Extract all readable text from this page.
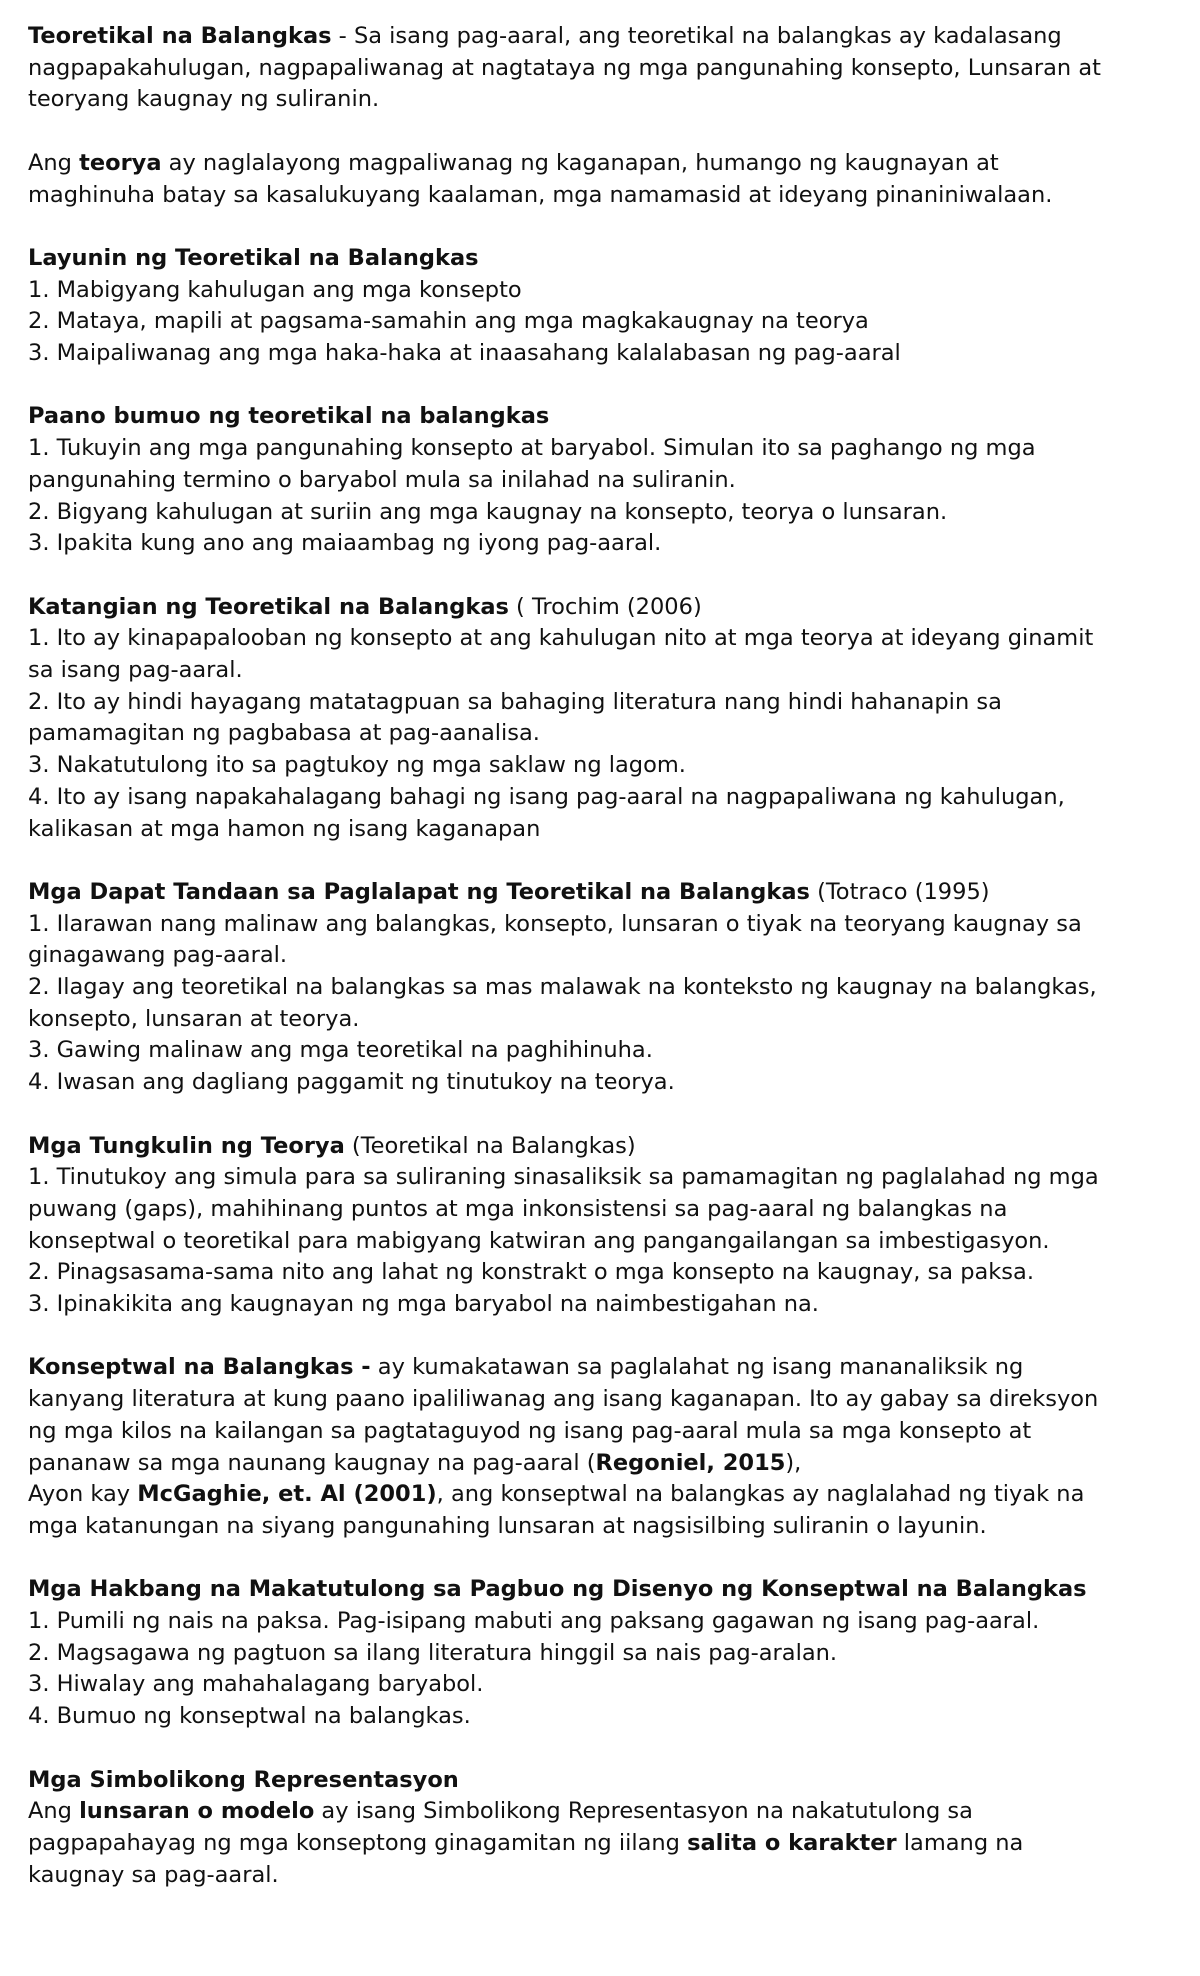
Teoretikal na Balangkas - Sa isang pag-aaral, ang teoretikal na balangkas ay kadalasang
nagpapakahulugan, nagpapaliwanag at nagtataya ng mga pangunahing konsepto, Lunsaran at
teoryang kaugnay ng suliranin.
Ang teorya ay naglalayong magpaliwanag ng kaganapan, humango ng kaugnayan at
maghinuha batay sa kasalukuyang kaalaman, mga namamasid at ideyang pinaniniwalaan.
Layunin ng Teoretikal na Balangkas
1. Mabigyang kahulugan ang mga konsepto
2. Mataya, mapili at pagsama-samahin ang mga magkakaugnay na teorya
3. Maipaliwanag ang mga haka-haka at inaasahang kalalabasan ng pag-aaral
Paano bumuo ng teoretikal na balangkas
1. Tukuyin ang mga pangunahing konsepto at baryabol. Simulan ito sa paghango ng mga
pangunahing termino o baryabol mula sa inilahad na suliranin.
2. Bigyang kahulugan at suriin ang mga kaugnay na konsepto, teorya o lunsaran.
3. Ipakita kung ano ang maiaambag ng iyong pag-aaral.
Katangian ng Teoretikal na Balangkas ( Trochim (2006)
1. Ito ay kinapapalooban ng konsepto at ang kahulugan nito at mga teorya at ideyang ginamit
sa isang pag-aaral.
2. Ito ay hindi hayagang matatagpuan sa bahaging literatura nang hindi hahanapin sa
pamamagitan ng pagbabasa at pag-aanalisa.
3. Nakatutulong ito sa pagtukoy ng mga saklaw ng lagom.
4. Ito ay isang napakahalagang bahagi ng isang pag-aaral na nagpapaliwana ng kahulugan,
kalikasan at mga hamon ng isang kaganapan
Mga Dapat Tandaan sa Paglalapat ng Teoretikal na Balangkas (Totraco (1995)
1. Ilarawan nang malinaw ang balangkas, konsepto, lunsaran o tiyak na teoryang kaugnay sa
ginagawang pag-aaral.
2. Ilagay ang teoretikal na balangkas sa mas malawak na konteksto ng kaugnay na balangkas,
konsepto, lunsaran at teorya.
3. Gawing malinaw ang mga teoretikal na paghihinuha.
4. Iwasan ang dagliang paggamit ng tinutukoy na teorya.
Mga Tungkulin ng Teorya (Teoretikal na Balangkas)
1. Tinutukoy ang simula para sa suliraning sinasaliksik sa pamamagitan ng paglalahad ng mga
puwang (gaps), mahihinang puntos at mga inkonsistensi sa pag-aaral ng balangkas na
konseptwal o teoretikal para mabigyang katwiran ang pangangailangan sa imbestigasyon.
2. Pinagsasama-sama nito ang lahat ng konstrakt o mga konsepto na kaugnay, sa paksa.
3. Ipinakikita ang kaugnayan ng mga baryabol na naimbestigahan na.
Konseptwal na Balangkas - ay kumakatawan sa paglalahat ng isang mananaliksik ng
kanyang literatura at kung paano ipaliliwanag ang isang kaganapan. Ito ay gabay sa direksyon
ng mga kilos na kailangan sa pagtataguyod ng isang pag-aaral mula sa mga konsepto at
pananaw sa mga naunang kaugnay na pag-aaral (Regoniel, 2015),
Ayon kay McGaghie, et. Al (2001), ang konseptwal na balangkas ay naglalahad ng tiyak na
mga katanungan na siyang pangunahing lunsaran at nagsisilbing suliranin o layunin.
Mga Hakbang na Makatutulong sa Pagbuo ng Disenyo ng Konseptwal na Balangkas
1. Pumili ng nais na paksa. Pag-isipang mabuti ang paksang gagawan ng isang pag-aaral.
2. Magsagawa ng pagtuon sa ilang literatura hinggil sa nais pag-aralan.
3. Hiwalay ang mahahalagang baryabol.
4. Bumuo ng konseptwal na balangkas.
Mga Simbolikong Representasyon
Ang lunsaran o modelo ay isang Simbolikong Representasyon na nakatutulong sa
pagpapahayag ng mga konseptong ginagamitan ng iilang salita o karakter lamang na
kaugnay sa pag-aaral.
